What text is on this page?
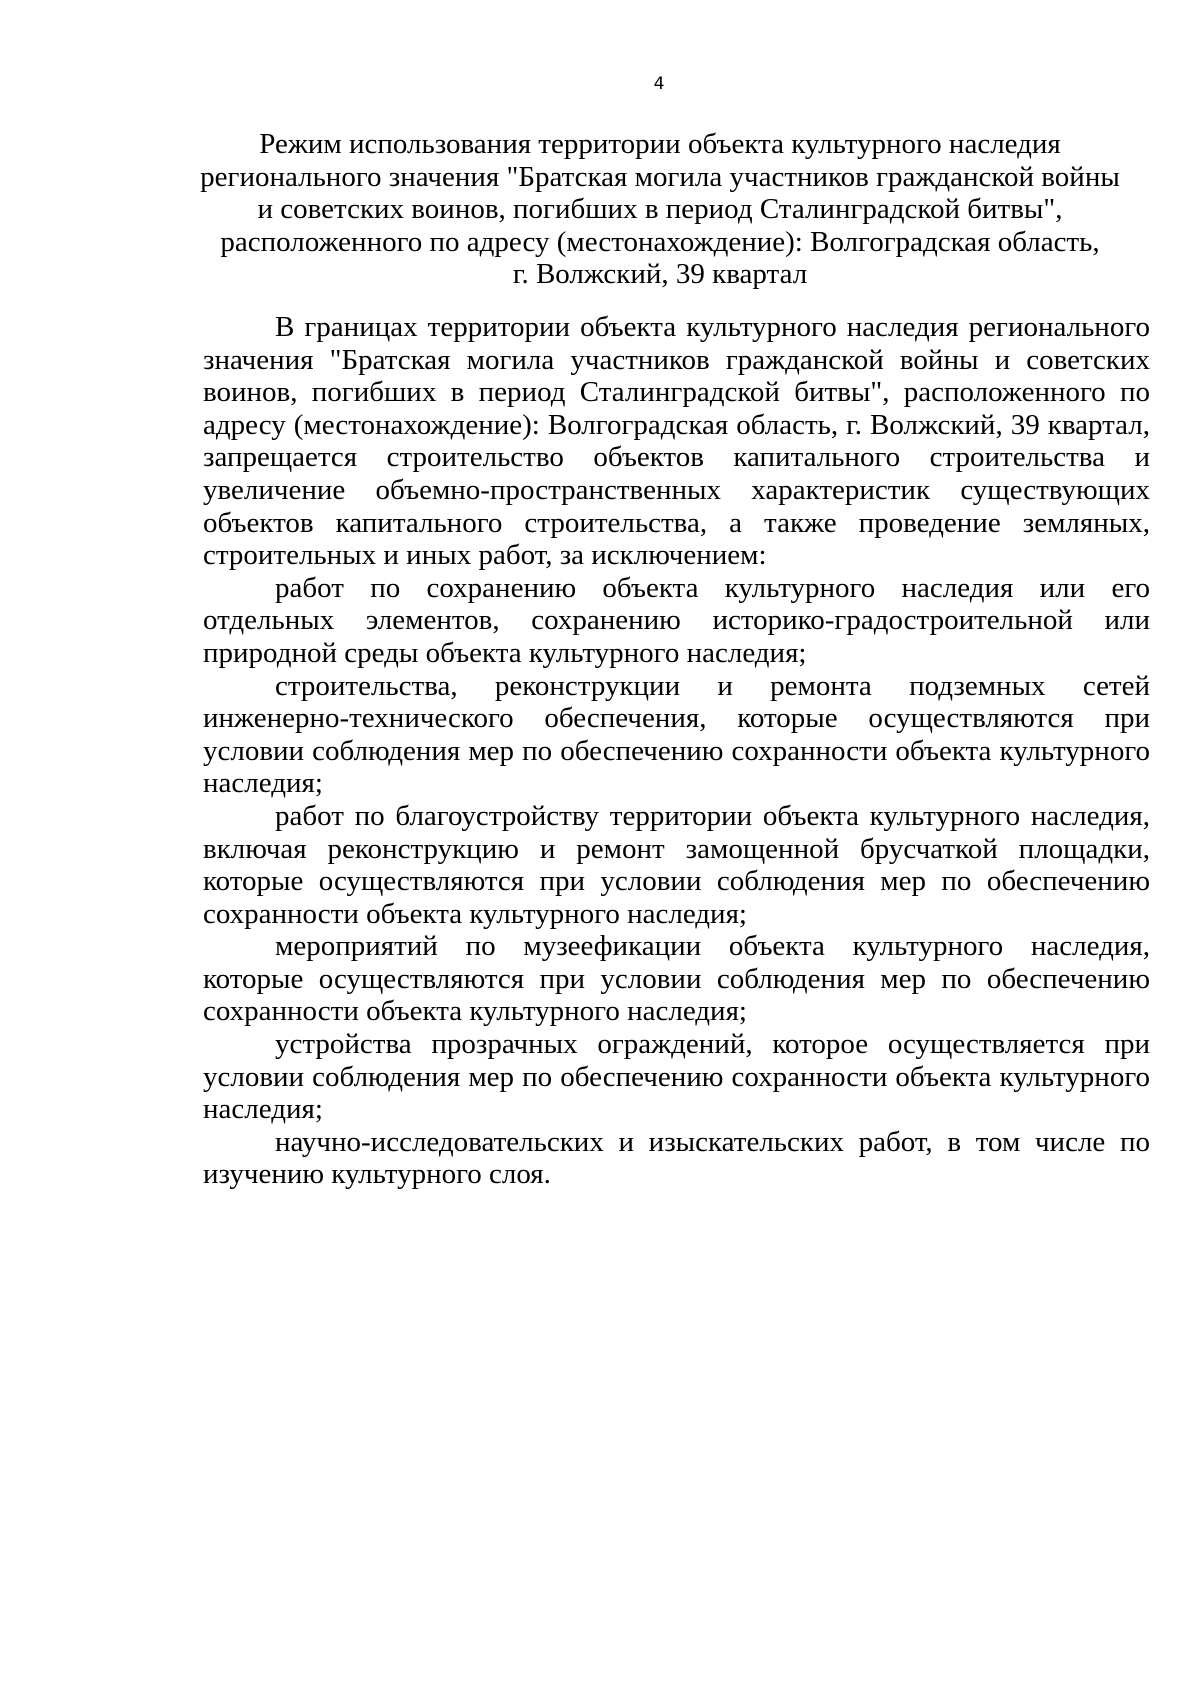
4
Режим использования территории объекта культурного наследия
регионального значения "Братская могила участников гражданской войны
и советских воинов, погибших в период Сталинградской битвы",
расположенного по адресу (местонахождение): Волгоградская область,
г. Волжский, 39 квартал

В границах территории объекта культурного наследия регионального значения "Братская могила участников гражданской войны и советских воинов, погибших в период Сталинградской битвы", расположенного по адресу (местонахождение): Волгоградская область, г. Волжский, 39 квартал, запрещается строительство объектов капитального строительства и увеличение объемно-пространственных характеристик существующих объектов капитального строительства, а также проведение земляных, строительных и иных работ, за исключением:

работ по сохранению объекта культурного наследия или его отдельных элементов, сохранению историко-градостроительной или природной среды объекта культурного наследия;

строительства, реконструкции и ремонта подземных сетей инженерно-технического обеспечения, которые осуществляются при условии соблюдения мер по обеспечению сохранности объекта культурного наследия;

работ по благоустройству территории объекта культурного наследия, включая реконструкцию и ремонт замощенной брусчаткой площадки, которые осуществляются при условии соблюдения мер по обеспечению сохранности объекта культурного наследия;

мероприятий по музеефикации объекта культурного наследия, которые осуществляются при условии соблюдения мер по обеспечению сохранности объекта культурного наследия;

устройства прозрачных ограждений, которое осуществляется при условии соблюдения мер по обеспечению сохранности объекта культурного наследия;

научно-исследовательских и изыскательских работ, в том числе по изучению культурного слоя.
